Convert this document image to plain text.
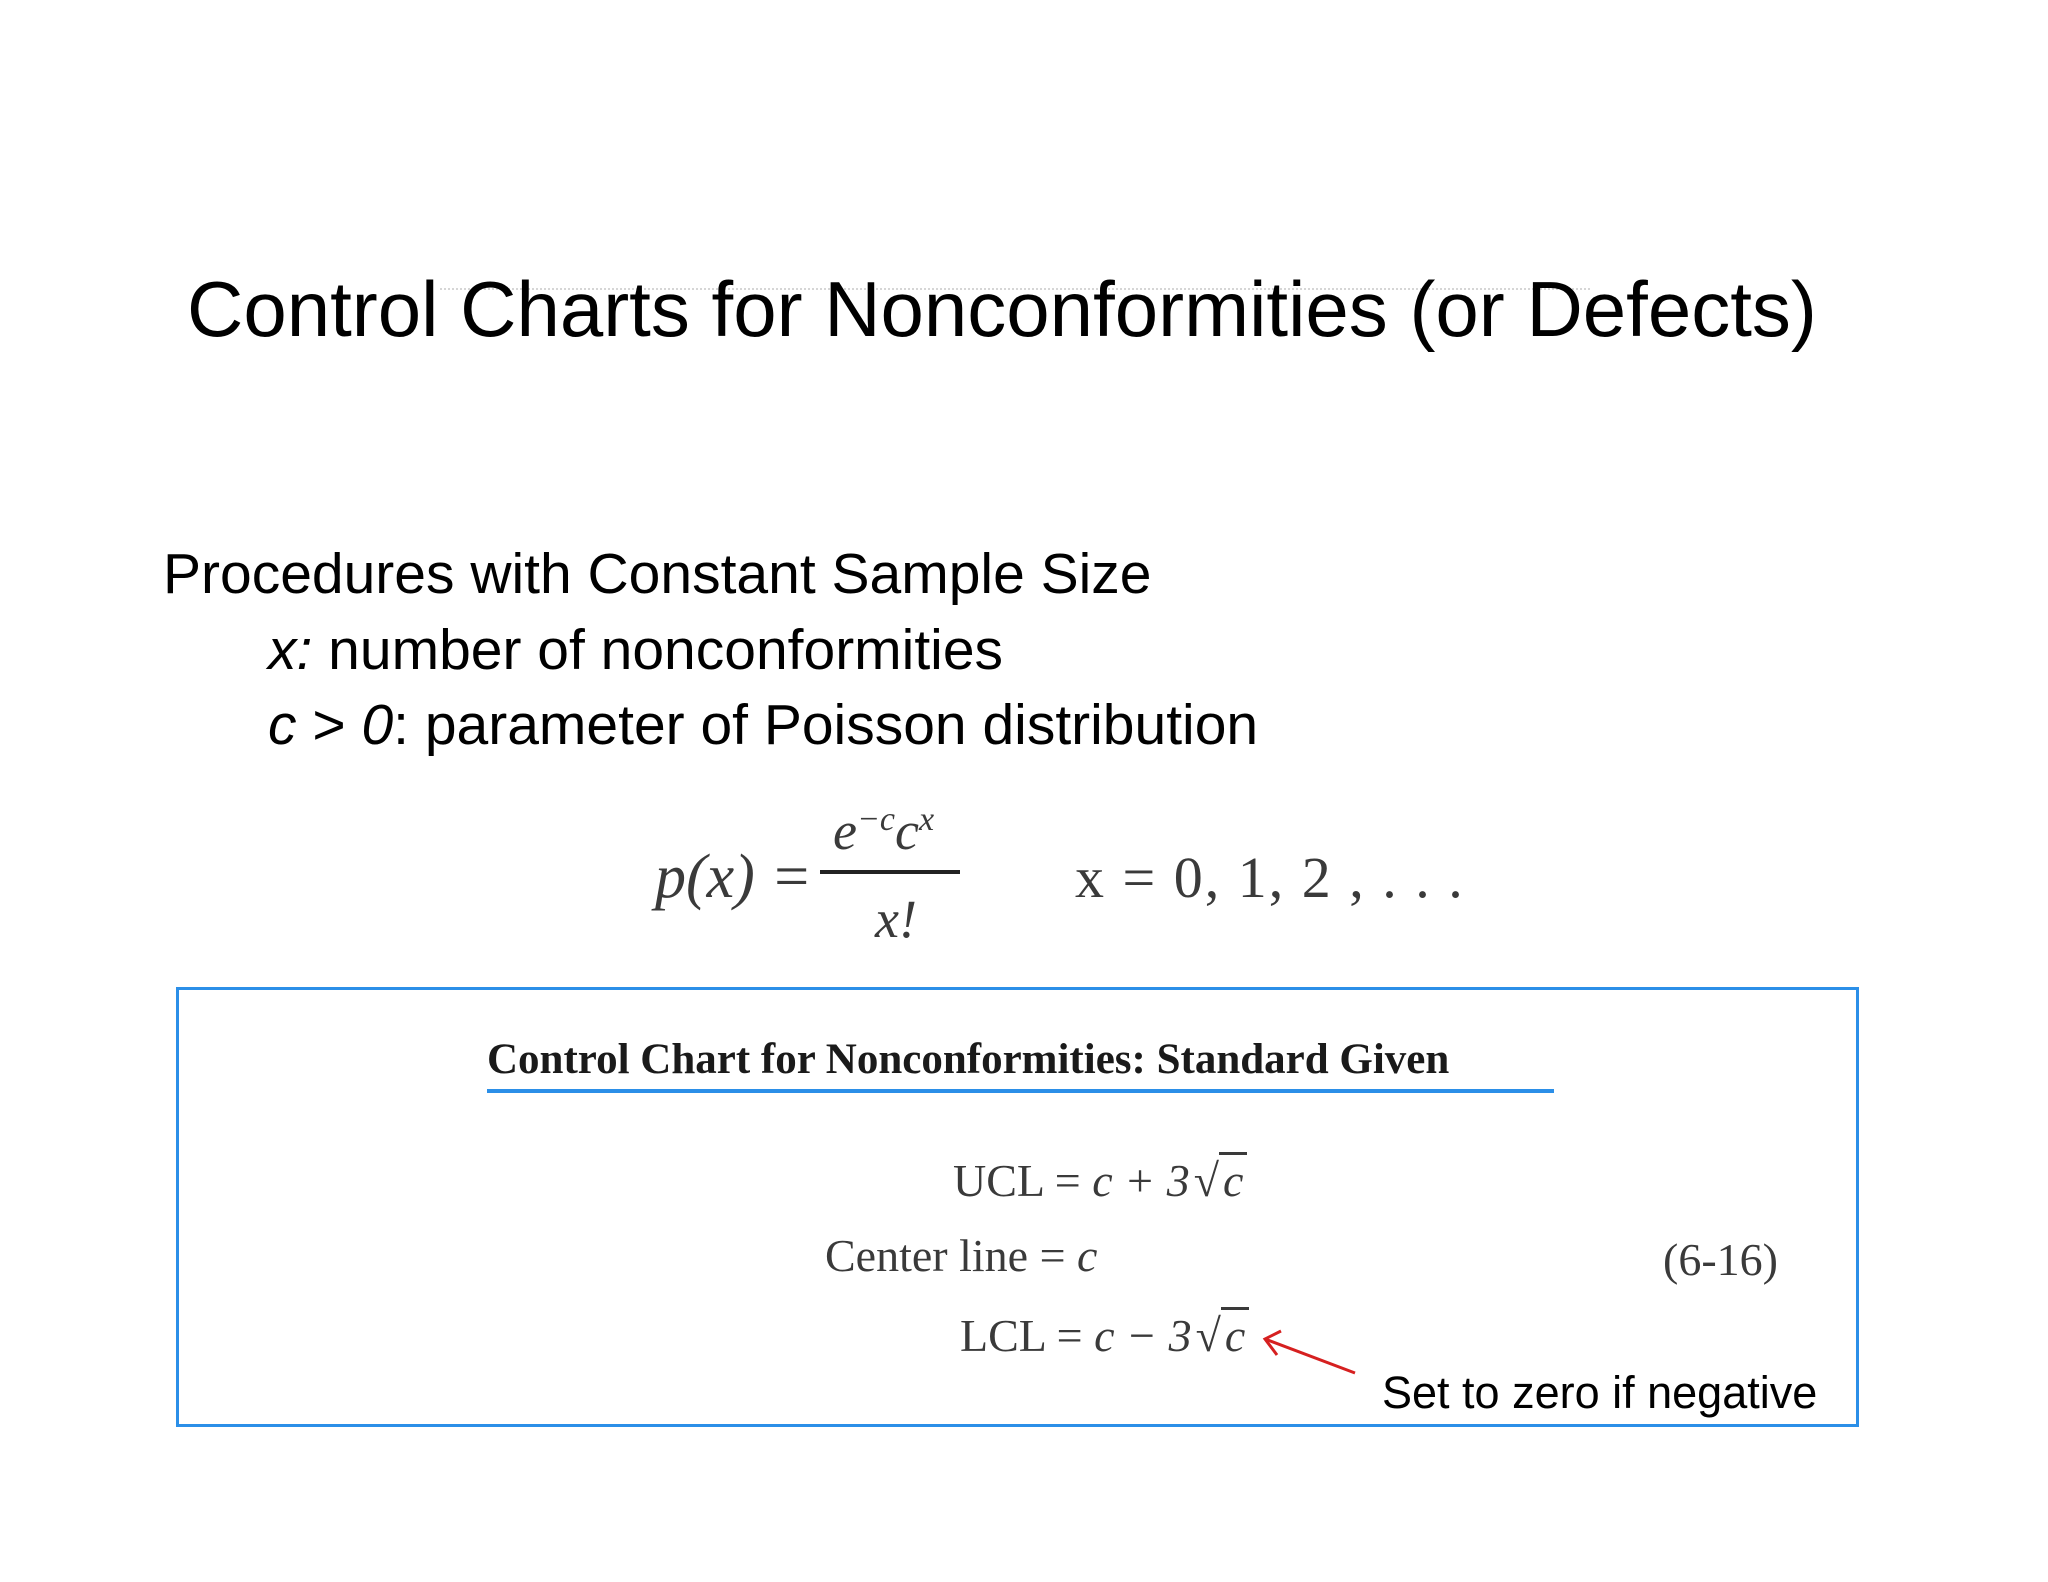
Control Charts for Nonconformities (or Defects)
Procedures with Constant Sample Size
x: number of nonconformities
c > 0: parameter of Poisson distribution
p(x) =
$e^{-c}c^x$
x!
x = 0, 1, 2 , . . .
Control Chart for Nonconformities: Standard Given
UCL = c + 3√c
Center line = c
LCL = c − 3√c
(6-16)
Set to zero if negative
